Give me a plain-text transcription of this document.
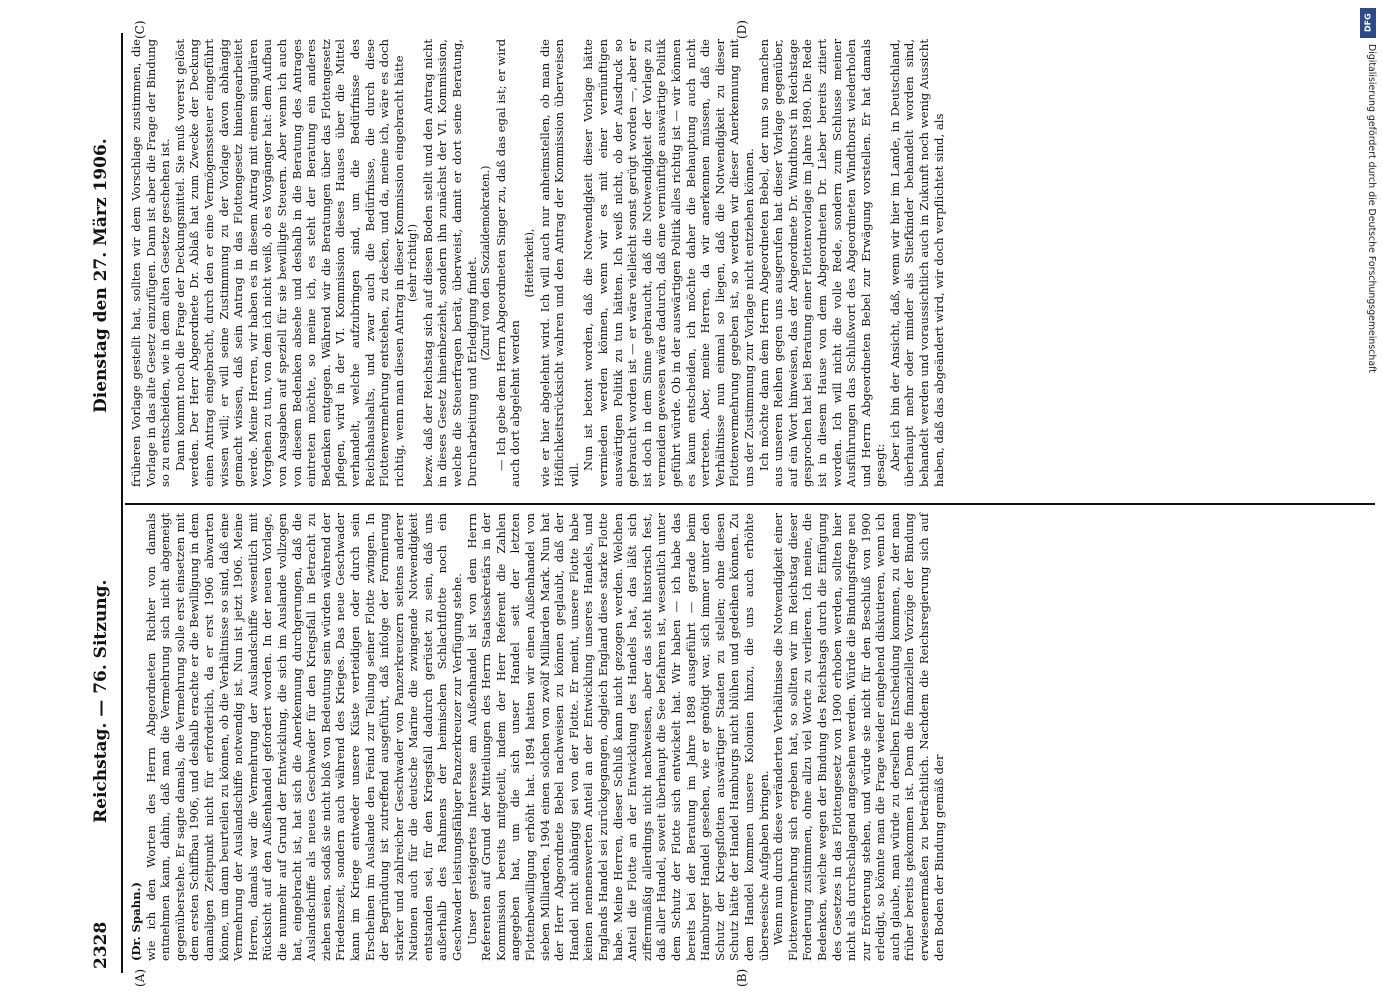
2328
Reichstag. — 76. Sitzung.
Dienstag den 27. März 1906.
(A)	(B)
(C)	(D)

(Dr. Spahn.) wie ich den Worten des Herrn Abgeordneten Richter von damals entnehmen kann, dahin, daß man die Vermehrung sich nicht abgeneigt gegenüberstehe. Er sagte damals, die Vermehrung solle erst einsetzen mit dem ersten Schiffbau 1906, und deshalb erachte er die Bewilligung in dem damaligen Zeitpunkt nicht für erforderlich, da er erst 1906 abwarten könne, um dann beurteilen zu können, ob die Verhältnisse so sind, daß eine Vermehrung der Auslandschiffe notwendig ist. Nun ist jetzt 1906. Meine Herren, damals war die Vermehrung der Auslandschiffe wesentlich mit Rücksicht auf den Außenhandel gefordert worden. In der neuen Vorlage, die nunmehr auf Grund der Entwicklung, die sich im Auslande vollzogen hat, eingebracht ist, hat sich die Anerkennung durchgerungen, daß die Auslandschiffe als neues Geschwader für den Kriegsfall in Betracht zu ziehen seien, sodaß sie nicht bloß von Bedeutung sein würden während der Friedenszeit, sondern auch während des Krieges. Das neue Geschwader kann im Kriege entweder unsere Küste verteidigen oder durch sein Erscheinen im Auslande den Feind zur Teilung seiner Flotte zwingen. In der Begründung ist zutreffend ausgeführt, daß infolge der Formierung starker und zahlreicher Geschwader von Panzerkreuzern seitens anderer Nationen auch für die deutsche Marine die zwingende Notwendigkeit entstanden sei, für den Kriegsfall dadurch gerüstet zu sein, daß uns außerhalb des Rahmens der heimischen Schlachtflotte noch ein Geschwader leistungsfähiger Panzerkreuzer zur Verfügung stehe. Unser gesteigertes Interesse am Außenhandel ist von dem Herrn Referenten auf Grund der Mitteilungen des Herrn Staatssekretärs in der Kommission bereits mitgeteilt, indem der Herr Referent die Zahlen angegeben hat, um die sich unser Handel seit der letzten Flottenbewilligung erhöht hat. 1894 hatten wir einen Außenhandel von sieben Milliarden, 1904 einen solchen von zwölf Milliarden Mark. Nun hat der Herr Abgeordnete Bebel nachweisen zu können geglaubt, daß der Handel nicht abhängig sei von der Flotte. Er meint, unsere Flotte habe keinen nennenswerten Anteil an der Entwicklung unseres Handels, und Englands Handel sei zurückgegangen, obgleich England diese starke Flotte habe. Meine Herren, dieser Schluß kann nicht gezogen werden. Welchen Anteil die Flotte an der Entwicklung des Handels hat, das läßt sich ziffernmäßig allerdings nicht nachweisen, aber das steht historisch fest, daß aller Handel, soweit überhaupt die See befahren ist, wesentlich unter dem Schutz der Flotte sich entwickelt hat. Wir haben — ich habe das bereits bei der Beratung im Jahre 1898 ausgeführt — gerade beim Hamburger Handel gesehen, wie er genötigt war, sich immer unter den Schutz der Kriegsflotten auswärtiger Staaten zu stellen; ohne diesen Schutz hätte der Handel Hamburgs nicht blühen und gedeihen können. Zu dem Handel kommen unsere Kolonien hinzu, die uns auch erhöhte überseeische Aufgaben bringen. Wenn nun durch diese veränderten Verhältnisse die Notwendigkeit einer Flottenvermehrung sich ergeben hat, so sollten wir im Reichstag dieser Forderung zustimmen, ohne allzu viel Worte zu verlieren. Ich meine, die Bedenken, welche wegen der Bindung des Reichstags durch die Einfügung des Gesetzes in das Flottengesetz von 1900 erhoben werden, sollten hier nicht als durchschlagend angesehen werden. Würde die Bindungsfrage neu zur Erörterung stehen, und würde sie nicht für den Beschluß von 1900 erledigt, so könnte man die Frage wieder eingehend diskutieren, wenn ich auch glaube, man würde zu derselben Entscheidung kommen, zu der man früher bereits gekommen ist. Denn die finanziellen Vorzüge der Bindung erwiesenermaßen zu beträchtlich. Nachdem die Reichsregierung sich auf den Boden der Bindung gemäß der

früheren Vorlage gestellt hat, sollten wir dem Vorschlage zustimmen, die Vorlage in das alte Gesetz einzufügen. Dann ist aber die Frage der Bindung so zu entscheiden, wie in dem alten Gesetze geschehen ist. Dann kommt noch die Frage der Deckungsmittel. Sie muß vorerst gelöst werden. Der Herr Abgeordnete Dr. Ablaß hat zum Zwecke der Deckung einen Antrag eingebracht, durch den er eine Vermögenssteuer eingeführt wissen will; er will seine Zustimmung zu der Vorlage davon abhängig gemacht wissen, daß sein Antrag in das Flottengesetz hineingearbeitet werde. Meine Herren, wir haben es in diesem Antrag mit einem singulären Vorgehen zu tun, von dem ich nicht weiß, ob es Vorgänger hat: dem Aufbau von Ausgaben auf speziell für sie bewilligte Steuern. Aber wenn ich auch von diesem Bedenken absehe und deshalb in die Beratung des Antrages eintreten möchte, so meine ich, es steht der Beratung ein anderes Bedenken entgegen. Während wir die Beratungen über das Flottengesetz pflegen, wird in der VI. Kommission dieses Hauses über die Mittel verhandelt, welche aufzubringen sind, um die Bedürfnisse des Reichshaushalts, und zwar auch die Bedürfnisse, die durch diese Flottenvermehrung entstehen, zu decken, und da, meine ich, wäre es doch richtig, wenn man diesen Antrag in dieser Kommission eingebracht hätte (sehr richtig!) bezw. daß der Reichstag sich auf diesen Boden stellt und den Antrag nicht in dieses Gesetz hineinbezieht, sondern ihn zunächst der VI. Kommission, welche die Steuerfragen berät, überweist, damit er dort seine Beratung, Durcharbeitung und Erledigung findet. (Zuruf von den Sozialdemokraten.) — Ich gebe dem Herrn Abgeordneten Singer zu, daß das egal ist; er wird auch dort abgelehnt werden

(Heiterkeit), wie er hier abgelehnt wird. Ich will auch nur anheimstellen, ob man die Höflichkeitsrücksicht wahren und den Antrag der Kommission überweisen will.

Nun ist betont worden, daß die Notwendigkeit dieser Vorlage hätte vermieden werden können, wenn wir es mit einer vernünftigen auswärtigen Politik zu tun hätten. Ich weiß nicht, ob der Ausdruck so gebraucht worden ist — er wäre vielleicht sonst gerügt worden —, aber er ist doch in dem Sinne gebraucht, daß die Notwendigkeit der Vorlage zu vermeiden gewesen wäre dadurch, daß eine vernünftige auswärtige Politik geführt würde. Ob in der auswärtigen Politik alles richtig ist — wir können es kaum entscheiden, ich möchte daher die Behauptung auch nicht vertreten. Aber, meine Herren, da wir anerkennen müssen, daß die Verhältnisse nun einmal so liegen, daß die Notwendigkeit zu dieser Flottenvermehrung gegeben ist, so werden wir dieser Anerkennung mit uns der Zustimmung zur Vorlage nicht entziehen können. Ich möchte dann dem Herrn Abgeordneten Bebel, der nun so manchen aus unseren Reihen gegen uns ausgerufen hat dieser Vorlage gegenüber, auf ein Wort hinweisen, das der Abgeordnete Dr. Windthorst in Reichstage gesprochen hat bei Beratung einer Flottenvorlage im Jahre 1890. Die Rede ist in diesem Hause von dem Abgeordneten Dr. Lieber bereits zitiert worden. Ich will nicht die volle Rede, sondern zum Schlusse meiner Ausführungen das Schlußwort des Abgeordneten Windthorst wiederholen und Herrn Abgeordneten Bebel zur Erwägung vorstellen. Er hat damals gesagt: Aber ich bin der Ansicht, daß, wenn wir hier im Lande, in Deutschland, überhaupt mehr oder minder als Stiefkinder behandelt worden sind, behandelt werden und voraussichtlich auch in Zukunft noch wenig Aussicht haben, daß das abgeändert wird, wir doch verpflichtet sind, als

DFG
Digitalisierung gefördert durch die Deutsche Forschungsgemeinschaft
